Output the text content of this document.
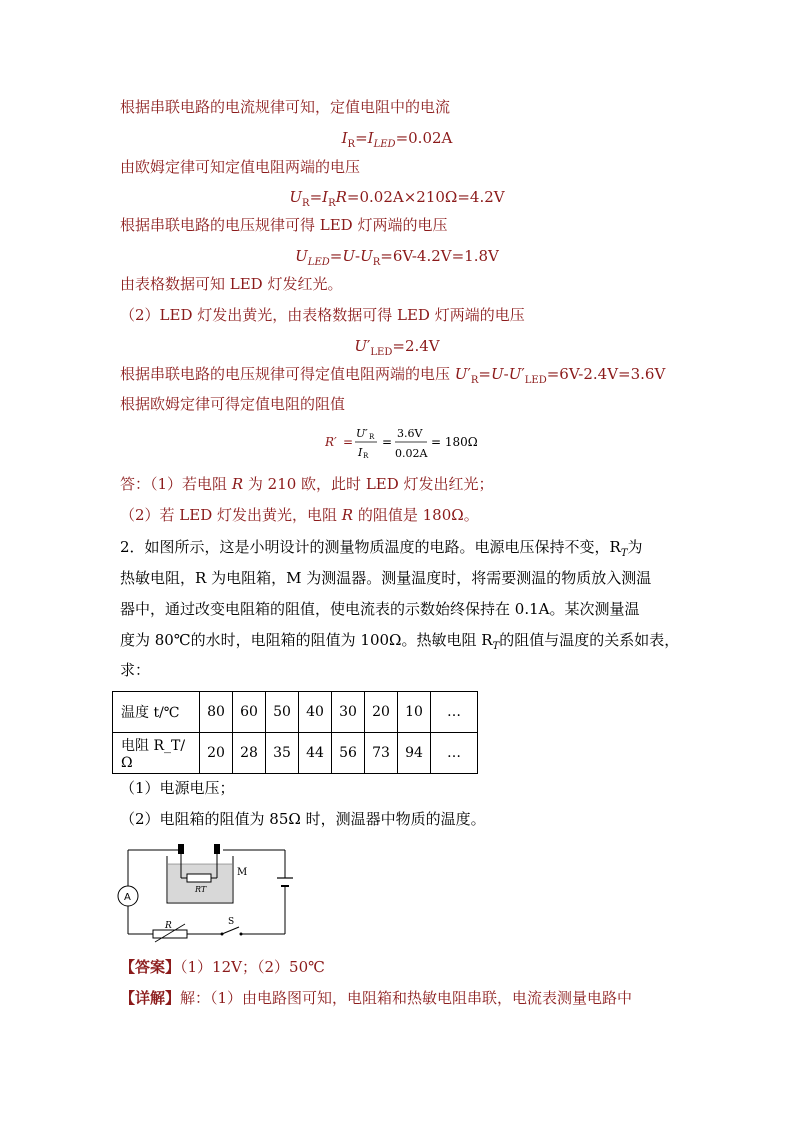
根据串联电路的电流规律可知，定值电阻中的电流
$I_R=I_{LED}=0.02A$
由欧姆定律可知定值电阻两端的电压
$U_R=I_RR=0.02A\times 210\Omega=4.2V$
根据串联电路的电压规律可得 LED 灯两端的电压
$U_{LED}=U-U_R=6V-4.2V=1.8V$
由表格数据可知 LED 灯发红光。
（2）LED 灯发出黄光，由表格数据可得 LED 灯两端的电压
$U'_{LED}=2.4V$
根据串联电路的电压规律可得定值电阻两端的电压 $U'_R=U-U'_{LED}=6V-2.4V=3.6V$
根据欧姆定律可得定值电阻的阻值
R′ =
U′ R
I R
=
3.6V
0.02A
= 180Ω
答：（1）若电阻 R 为 210 欧，此时 LED 灯发出红光；
（2）若 LED 灯发出黄光，电阻 R 的阻值是 180Ω。
2．如图所示，这是小明设计的测量物质温度的电路。电源电压保持不变，$R_T$为
热敏电阻，R 为电阻箱，M 为测温器。测量温度时，将需要测温的物质放入测温
器中，通过改变电阻箱的阻值，使电流表的示数始终保持在 0.1A。某次测量温
度为 80℃的水时，电阻箱的阻值为 100Ω。热敏电阻 $R_T$的阻值与温度的关系如表，
求：
温度 t/℃	80	60	50	40	30	20	10	…
电阻 R_T/Ω	20	28	35	44	56	73	94	…
（1）电源电压；
（2）电阻箱的阻值为 85Ω 时，测温器中物质的温度。
A
RT
M
R	S
【答案】（1）12V；（2）50℃
【详解】解：（1）由电路图可知，电阻箱和热敏电阻串联，电流表测量电路中
